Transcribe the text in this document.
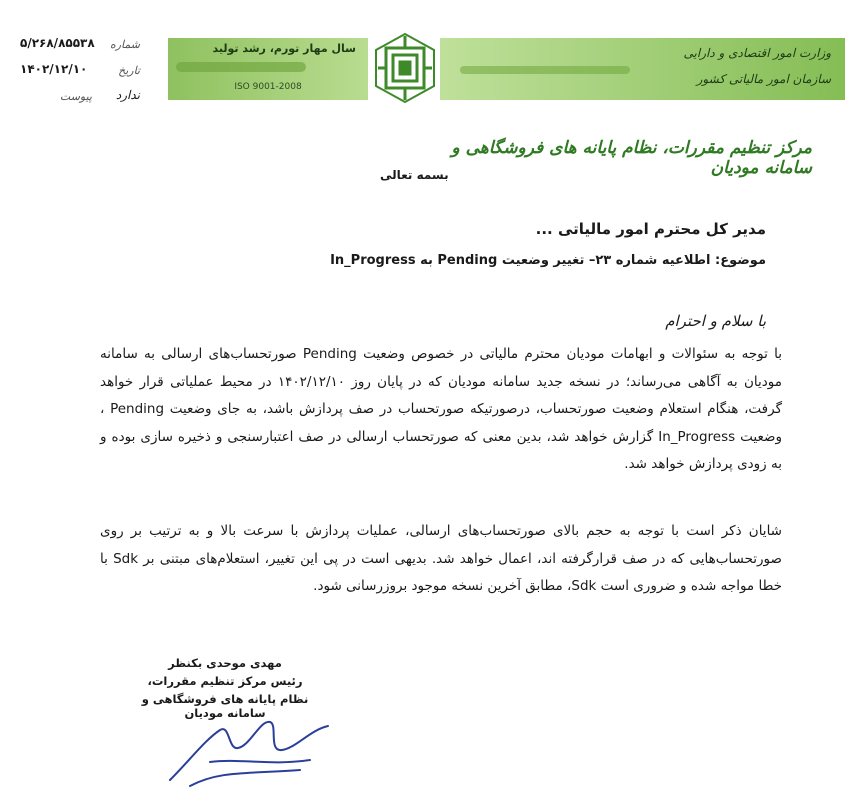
شماره
۵/۲۶۸/۸۵۵۳۸
تاریخ
۱۴۰۲/۱۲/۱۰
پیوست ندارد
سال مهار تورم، رشد تولید
ISO 9001-2008
وزارت امور اقتصادی و دارایی
سازمان امور مالیاتی کشور
مرکز تنظیم مقررات، نظام پایانه های فروشگاهی و سامانه مودیان
بسمه تعالی
مدیر کل محترم امور مالیاتی ...
موضوع: اطلاعیه شماره ۲۳– تغییر وضعیت Pending به In_Progress
با سلام و احترام
با توجه به سئوالات و ابهامات مودیان محترم مالیاتی در خصوص وضعیت Pending صورتحساب‌های ارسالی به سامانه مودیان به آگاهی می‌رساند؛ در نسخه جدید سامانه مودیان که در پایان روز ۱۴۰۲/۱۲/۱۰ در محیط عملیاتی قرار خواهد گرفت، هنگام استعلام وضعیت صورتحساب، درصورتیکه صورتحساب در صف پردازش باشد، به جای وضعیت Pending ، وضعیت In_Progress گزارش خواهد شد، بدین معنی که صورتحساب ارسالی در صف اعتبارسنجی و ذخیره سازی بوده و به زودی پردازش خواهد شد.
شایان ذکر است با توجه به حجم بالای صورتحساب‌های ارسالی، عملیات پردازش با سرعت بالا و به ترتیب بر روی صورتحساب‌هایی که در صف قرارگرفته اند، اعمال خواهد شد. بدیهی است در پی این تغییر، استعلام‌های مبتنی بر Sdk با خطا مواجه شده و ضروری است Sdk، مطابق آخرین نسخه موجود بروزرسانی شود.
مهدی موحدی بکنظر
رئیس مرکز تنظیم مقررات،
نظام پایانه های فروشگاهی و سامانه مودیان
